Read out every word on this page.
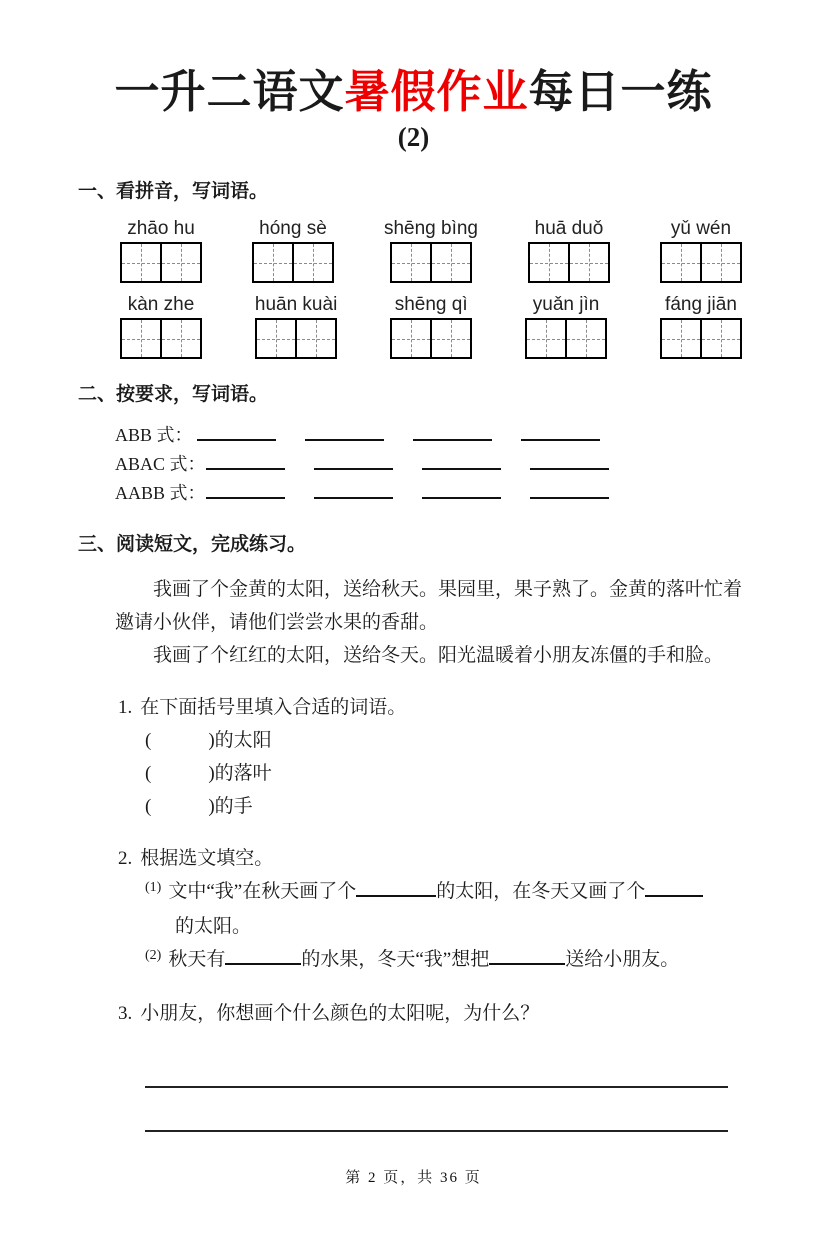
一升二语文暑假作业每日一练
(2)
一、看拼音，写词语。
zhāo hu	hóng sè	shēng bìng	huā duǒ	yǔ wén
kàn zhe	huān kuài	shēng qì	yuǎn jìn	fáng jiān
二、按要求，写词语。
ABB 式：
ABAC 式：
AABB 式：
三、阅读短文，完成练习。

我画了个金黄的太阳，送给秋天。果园里，果子熟了。金黄的落叶忙着邀请小伙伴，请他们尝尝水果的香甜。

我画了个红红的太阳，送给冬天。阳光温暖着小朋友冻僵的手和脸。

1. 在下面括号里填入合适的词语。
(　　　)的太阳
(　　　)的落叶
(　　　)的手
2. 根据选文填空。
$^{(1)}$ 文中“我”在秋天画了个	的太阳，在冬天又画了个
的太阳。
$^{(2)}$ 秋天有	的水果，冬天“我”想把	送给小朋友。
3. 小朋友，你想画个什么颜色的太阳呢，为什么？
第 2 页，共 36 页
